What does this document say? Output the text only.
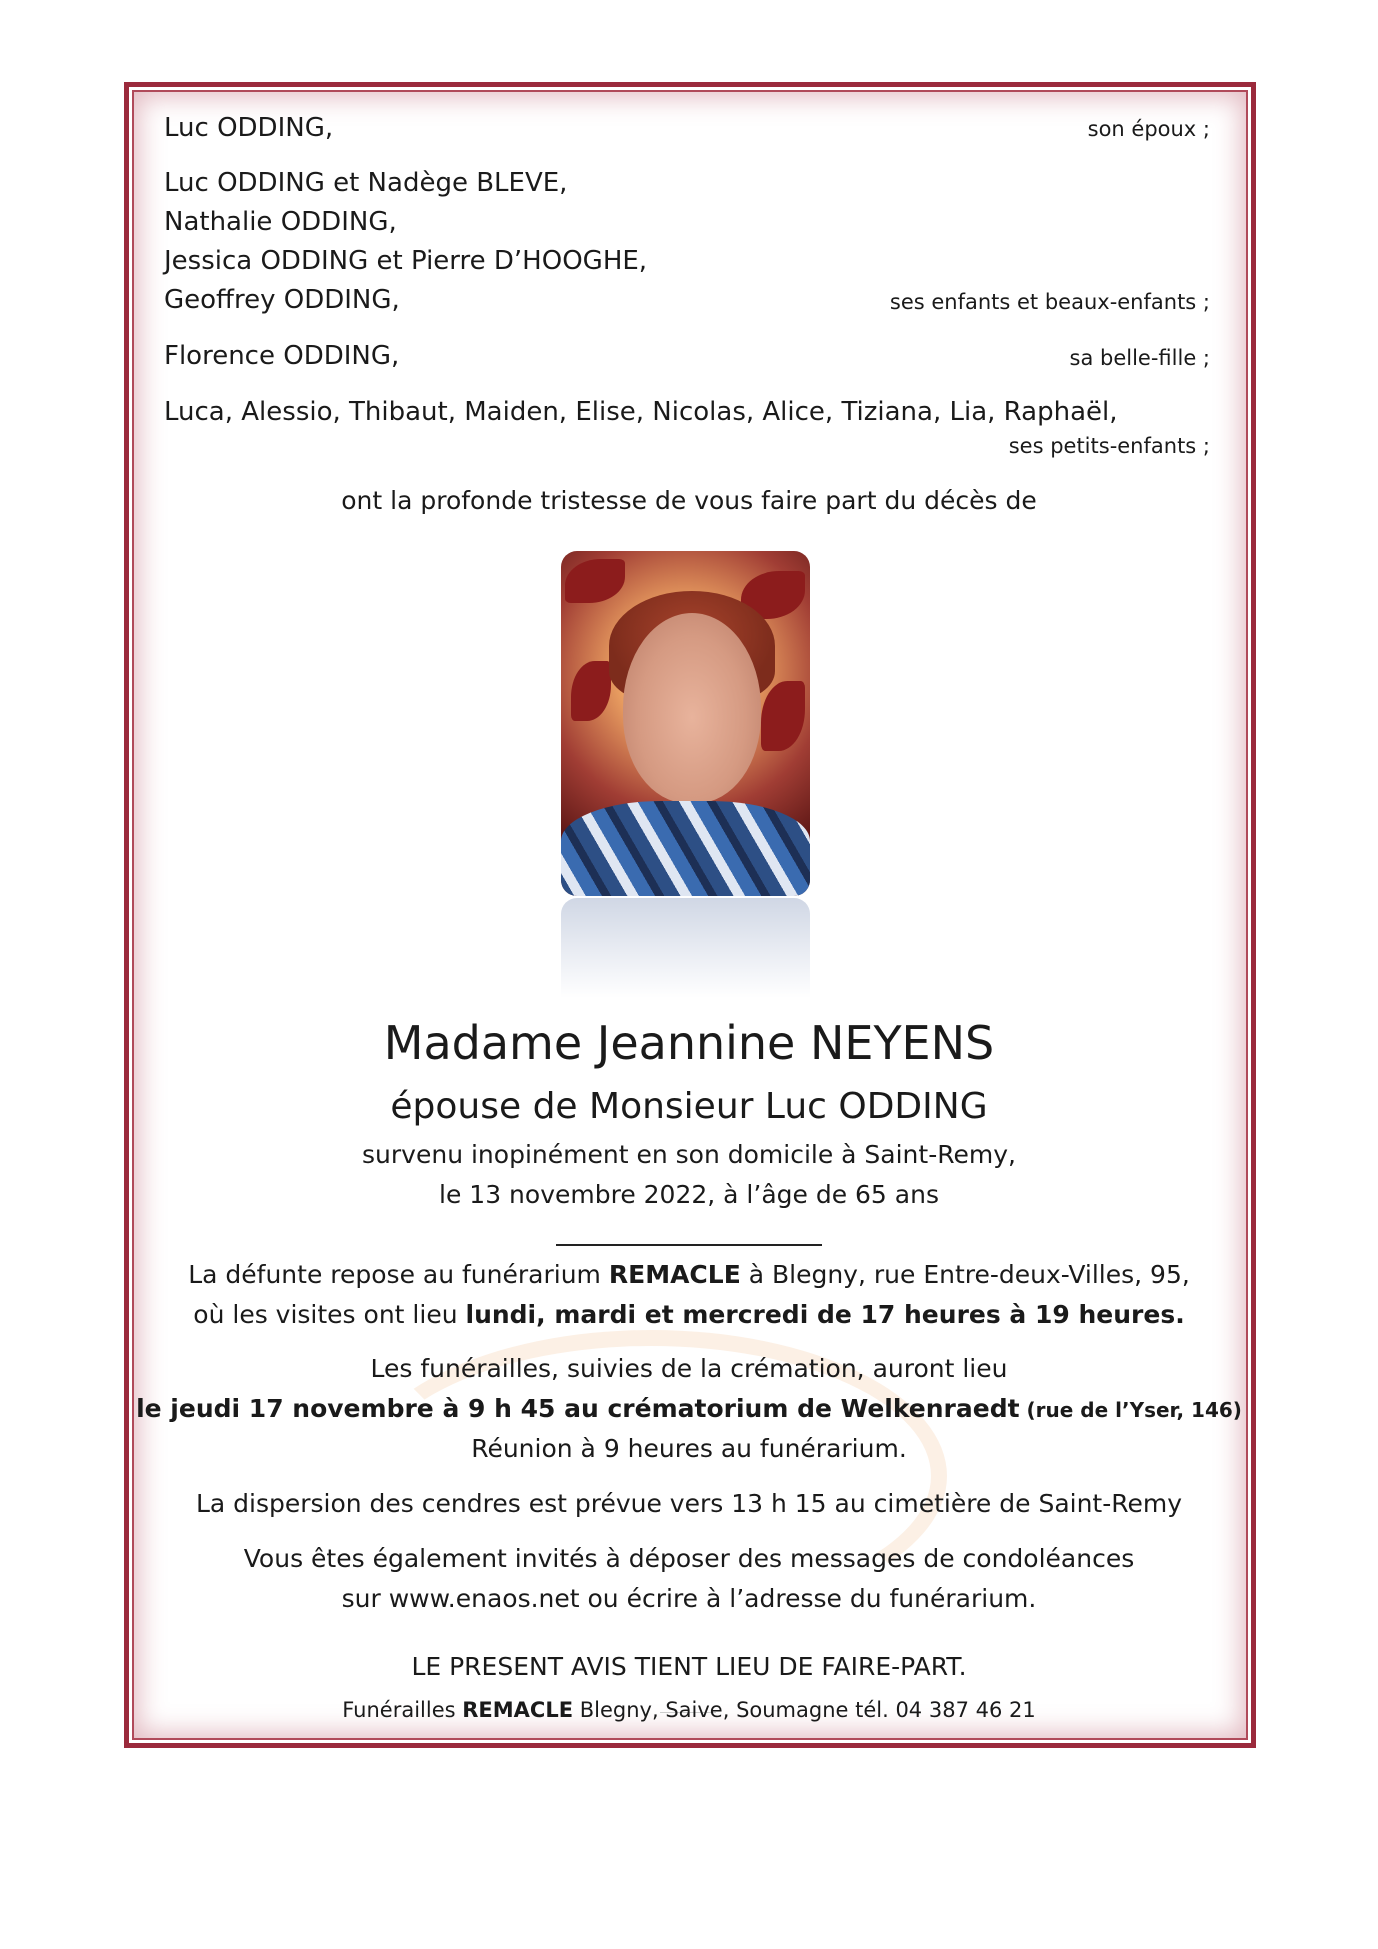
Luc ODDING,	son époux ;
Luc ODDING et Nadège BLEVE,
Nathalie ODDING,
Jessica ODDING et Pierre D’HOOGHE,
Geoffrey ODDING,	ses enfants et beaux-enfants ;
Florence ODDING,	sa belle-fille ;
Luca, Alessio, Thibaut, Maiden, Elise, Nicolas, Alice, Tiziana, Lia, Raphaël,
ses petits-enfants ;
ont la profonde tristesse de vous faire part du décès de
Madame Jeannine NEYENS
épouse de Monsieur Luc ODDING
survenu inopinément en son domicile à Saint-Remy,
le 13 novembre 2022, à l’âge de 65 ans
La défunte repose au funérarium REMACLE à Blegny, rue Entre-deux-Villes, 95,
où les visites ont lieu lundi, mardi et mercredi de 17 heures à 19 heures.
Les funérailles, suivies de la crémation, auront lieu
le jeudi 17 novembre à 9 h 45 au crématorium de Welkenraedt (rue de l’Yser, 146)
Réunion à 9 heures au funérarium.
La dispersion des cendres est prévue vers 13 h 15 au cimetière de Saint-Remy
Vous êtes également invités à déposer des messages de condoléances
sur www.enaos.net ou écrire à l’adresse du funérarium.
LE PRESENT AVIS TIENT LIEU DE FAIRE-PART.
Funérailles REMACLE Blegny, Saive, Soumagne tél. 04 387 46 21
